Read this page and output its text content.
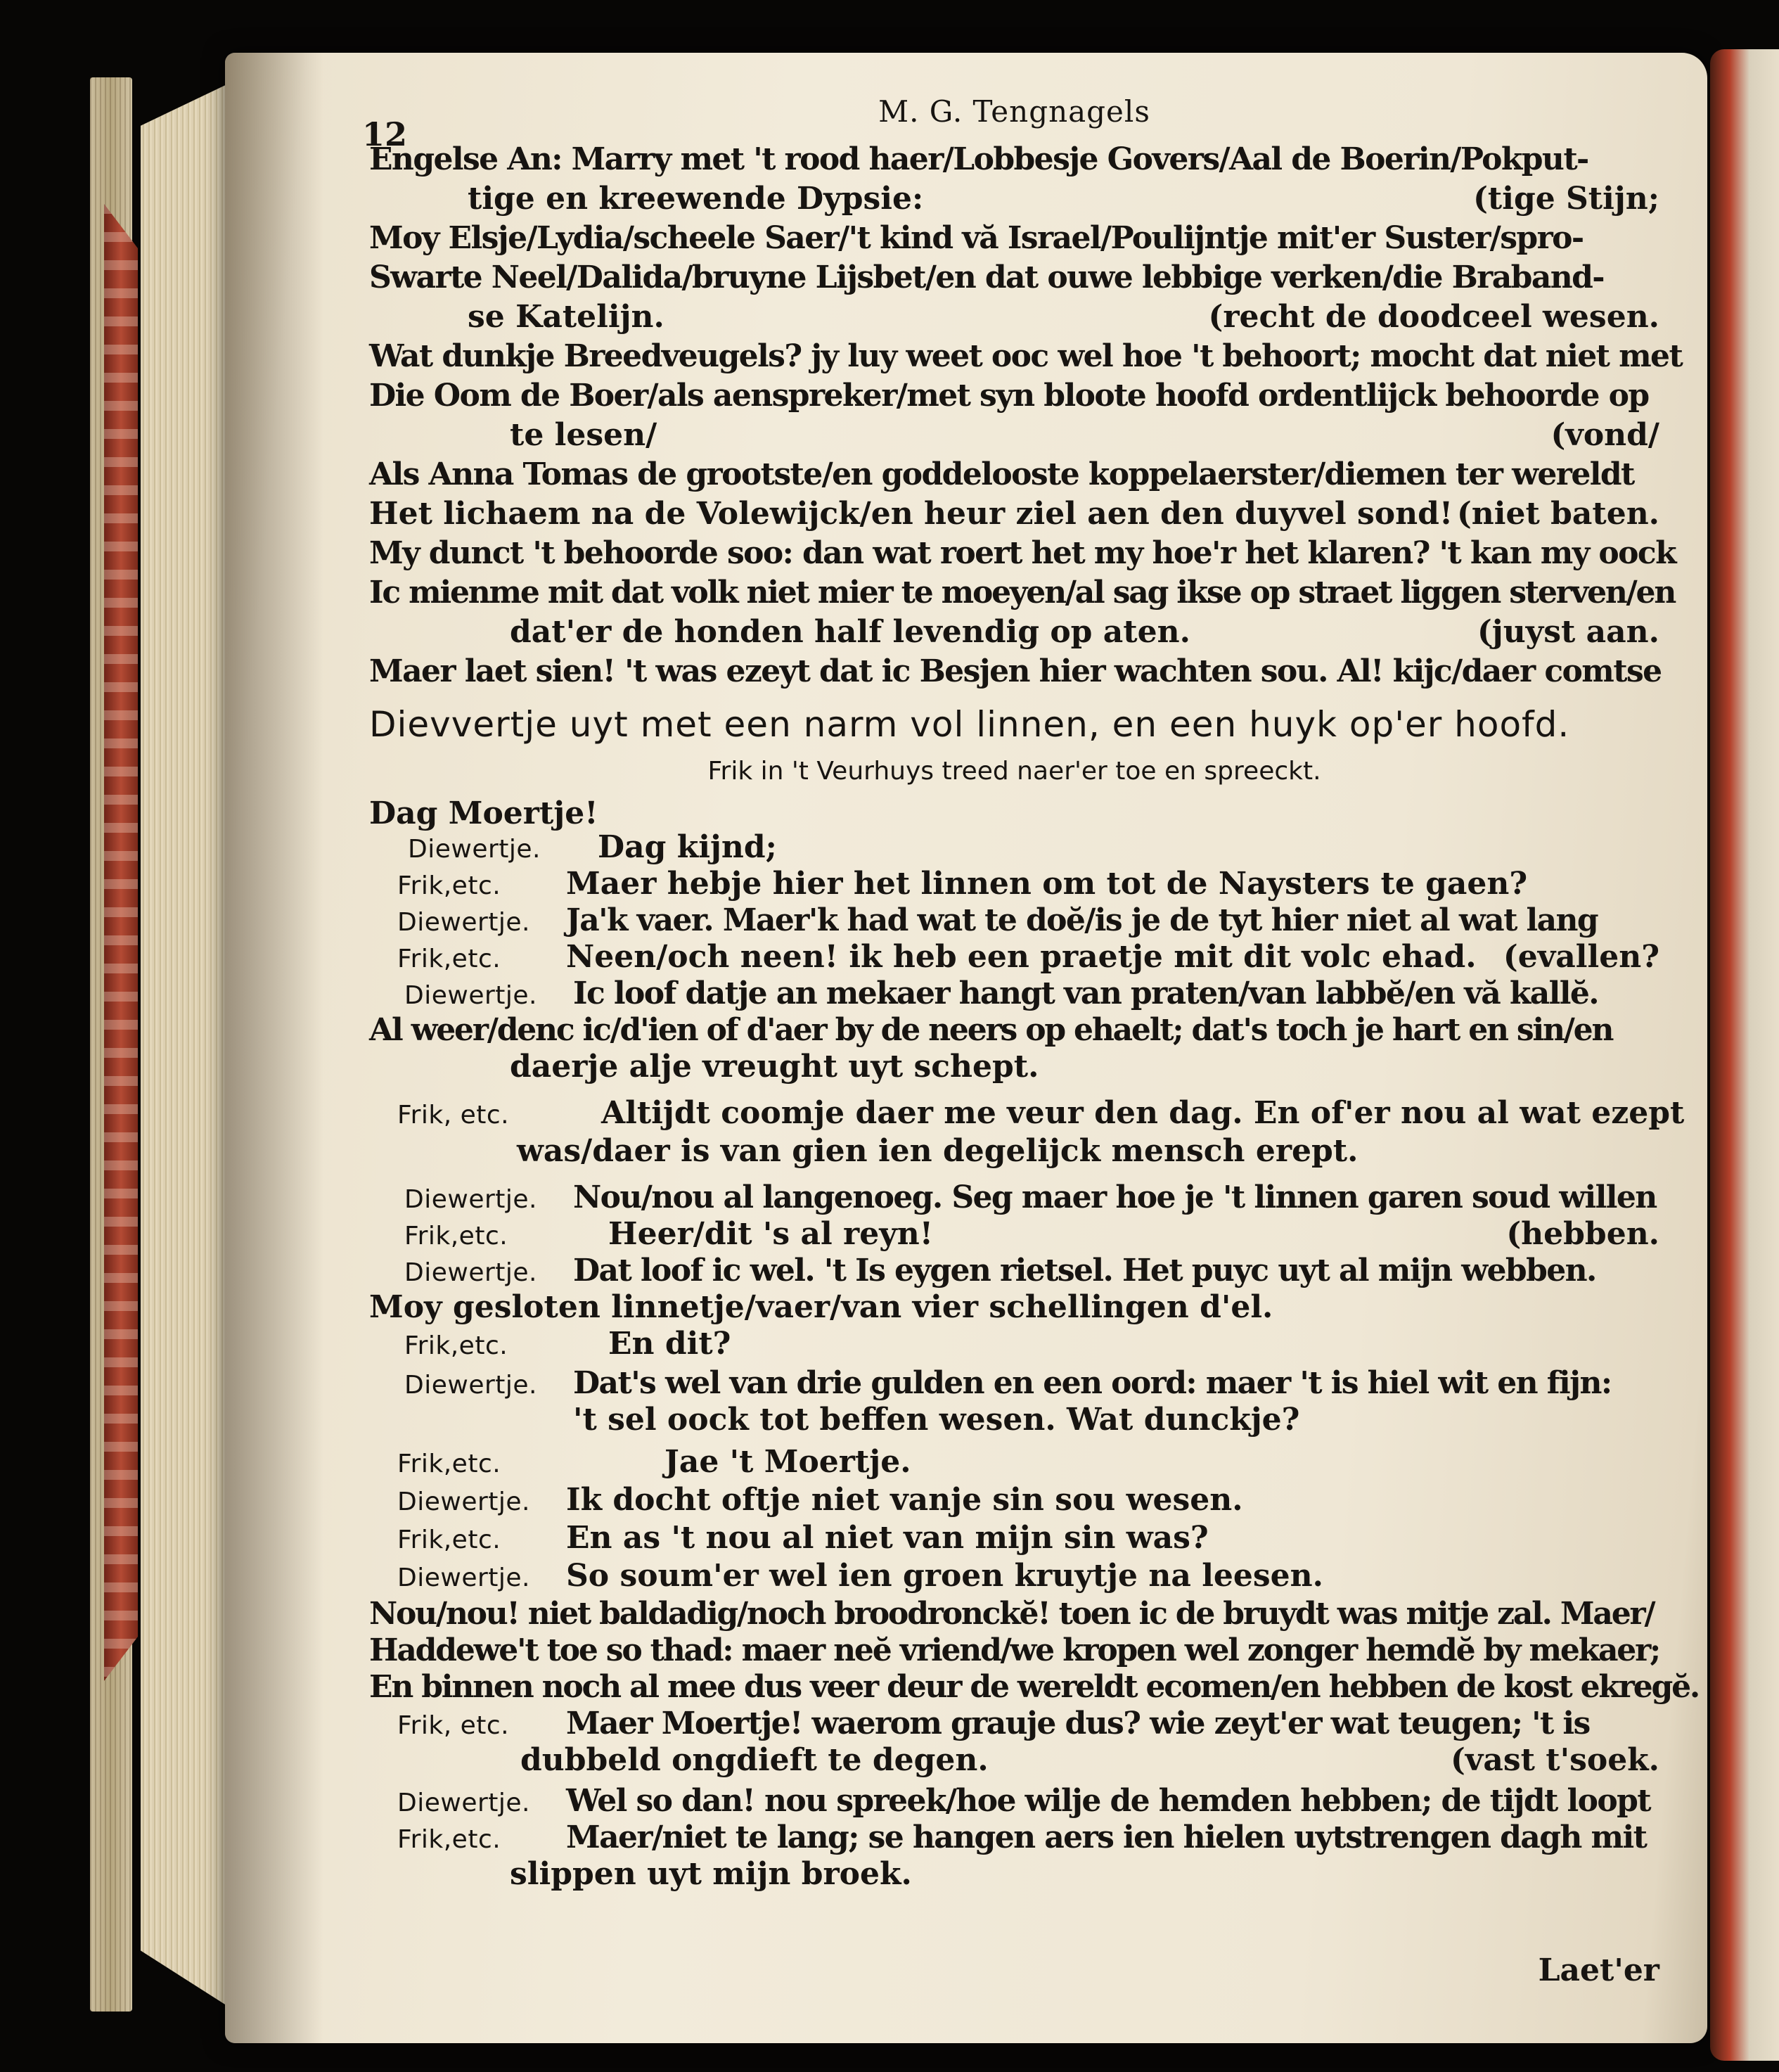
12
M. G. Tengnagels
Engelse An: Marry met 't rood haer/Lobbesje Govers/Aal de Boerin/Pokput-
tige en kreewende Dypsie:	(tige Stijn;
Moy Elsje/Lydia/scheele Saer/'t kind vă Israel/Poulijntje mit'er Suster/spro-
Swarte Neel/Dalida/bruyne Lijsbet/en dat ouwe lebbige verken/die Braband-
se Katelijn.	(recht de doodceel wesen.
Wat dunkje Breedveugels? jy luy weet ooc wel hoe 't behoort; mocht dat niet met
Die Oom de Boer/als aenspreker/met syn bloote hoofd ordentlijck behoorde op
te lesen/	(vond/
Als Anna Tomas de grootste/en goddelooste koppelaerster/diemen ter wereldt
Het lichaem na de Volewijck/en heur ziel aen den duyvel sond! (niet baten.
My dunct 't behoorde soo: dan wat roert het my hoe'r het klaren? 't kan my oock
Ic mienme mit dat volk niet mier te moeyen/al sag ikse op straet liggen sterven/en
dat'er de honden half levendig op aten.	(juyst aan.
Maer laet sien! 't was ezeyt dat ic Besjen hier wachten sou. Al! kijc/daer comtse
Dievvertje uyt met een narm vol linnen, en een huyk op'er hoofd.
Frik in 't Veurhuys treed naer'er toe en spreeckt.
Dag Moertje!
Diewertje. Dag kijnd;
Frik,etc. Maer hebje hier het linnen om tot de Naysters te gaen?
Diewertje. Ja'k vaer. Maer'k had wat te doĕ/is je de tyt hier niet al wat lang
Frik,etc. Neen/och neen! ik heb een praetje mit dit volc ehad. (evallen?
Diewertje. Ic loof datje an mekaer hangt van praten/van labbĕ/en vă kallĕ.
Al weer/denc ic/d'ien of d'aer by de neers op ehaelt; dat's toch je hart en sin/en
daerje alje vreught uyt schept.
Frik, etc.	Altijdt coomje daer me veur den dag. En of'er nou al wat ezept
was/daer is van gien ien degelijck mensch erept.
Diewertje. Nou/nou al langenoeg. Seg maer hoe je 't linnen garen soud willen
Frik,etc.	Heer/dit 's al reyn!	(hebben.
Diewertje. Dat loof ic wel. 't Is eygen rietsel. Het puyc uyt al mijn webben.
Moy gesloten linnetje/vaer/van vier schellingen d'el.
Frik,etc.	En dit?
Diewertje. Dat's wel van drie gulden en een oord: maer 't is hiel wit en fijn:
't sel oock tot beffen wesen. Wat dunckje?
Frik,etc.	Jae 't Moertje.
Diewertje. Ik docht oftje niet vanje sin sou wesen.
Frik,etc. En as 't nou al niet van mijn sin was?
Diewertje. So soum'er wel ien groen kruytje na leesen.
Nou/nou! niet baldadig/noch broodronckĕ! toen ic de bruydt was mitje zal. Maer/
Haddewe't toe so thad: maer neĕ vriend/we kropen wel zonger hemdĕ by mekaer;
En binnen noch al mee dus veer deur de wereldt ecomen/en hebben de kost ekregĕ.
Frik, etc. Maer Moertje! waerom grauje dus? wie zeyt'er wat teugen; 't is
dubbeld ongdieft te degen.	(vast t'soek.
Diewertje. Wel so dan! nou spreek/hoe wilje de hemden hebben; de tijdt loopt
Frik,etc. Maer/niet te lang; se hangen aers ien hielen uytstrengen dagh mit
slippen uyt mijn broek.
Laet'er
